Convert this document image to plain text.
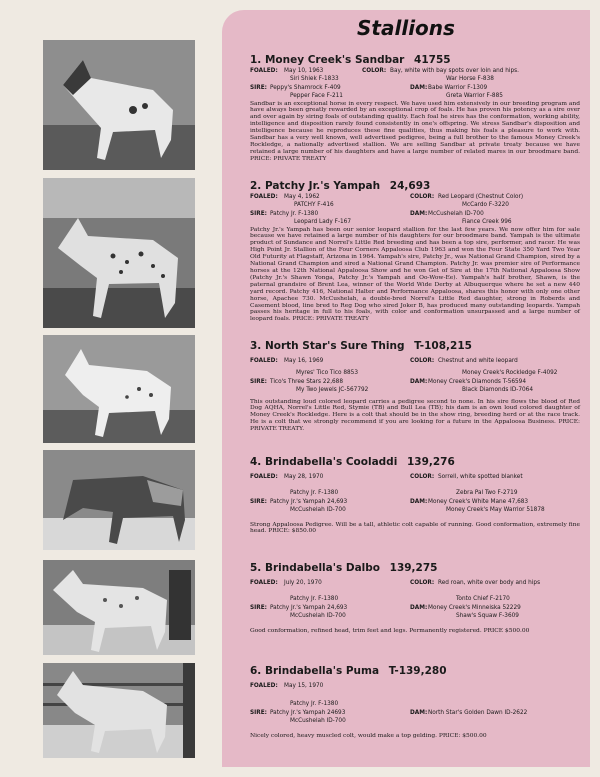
Stallions
1. Money Creek's Sandbar 41755
FOALED: May 10, 1963	COLOR: Bay, white with bay spots over loin and hips.
Siri Shiek F-1833	War Horse F-838
SIRE: Peppy's Shamrock F-409	DAM: Babe Warrior F-1309
Pepper Face F-211	Greta Warrior F-885
Sandbar is an exceptional horse in every respect. We have used him extensively in our breeding program and have always been greatly rewarded by an exceptional crop of foals. He has proven his potency as a sire over and over again by siring foals of outstanding quality. Each foal he sires has the conformation, working ability, intelligence and disposition rarely found consistently in one's offspring. We stress Sandbar's disposition and intelligence because he reproduces these fine qualities, thus making his foals a pleasure to work with. Sandbar has a very well known, well advertised pedigree, being a full brother to the famous Money Creek's Rockledge, a nationally advertised stallion. We are selling Sandbar at private treaty because we have retained a large number of his daughters and have a large number of related mares in our broodmare band. PRICE: PRIVATE TREATY
2. Patchy Jr.'s Yampah 24,693
FOALED: May 4, 1962	COLOR: Red Leopard (Chestnut Color)
PATCHY F-416	McCardo F-3220
SIRE: Patchy Jr. F-1380	DAM: McCushelah ID-700
Leopard Lady F-167	Fiance Creek 996
Patchy Jr.'s Yampah has been our senior leopard stallion for the last few years. We now offer him for sale because we have retained a large number of his daughters for our broodmare band. Yampah is the ultimate product of Sundance and Norrel's Little Red breeding and has been a top sire, performer, and racer. He was High Point Jr. Stallion of the Four Corners Appaloosa Club 1963 and won the Four State 350 Yard Two Year Old Futurity at Flagstaff, Arizona in 1964. Yampah's sire, Patchy Jr., was National Grand Champion, sired by a National Grand Champion and sired a National Grand Champion. Patchy Jr. was premier sire of Performance horses at the 12th National Appaloosa Show and he won Get of Sire at the 17th National Appaloosa Show (Patchy Jr.'s Shawn Yonga, Patchy Jr.'s Yampah and Oo-Wow-Ee). Yampah's half brother, Shawn, is the paternal grandsire of Brent Lea, winner of the World Wide Derby at Albuquerque where he set a new 440 yard record. Patchy 416, National Halter and Performance Appaloosa, shares this honor with only one other horse, Apachee 730. McCushelah, a double-bred Norrel's Little Red daughter, strong in Roberds and Casement blood, line bred to Reg Dog who sired Joker B, has produced many outstanding leopards. Yampah passes his heritage in full to his foals, with color and conformation unsurpassed and a large number of leopard foals. PRICE: PRIVATE TREATY
3. North Star's Sure Thing T-108,215
FOALED: May 16, 1969	COLOR: Chestnut and white leopard
Myres' Tico Tico 8853	Money Creek's Rockledge F-4092
SIRE: Tico's Three Stars 22,688	DAM: Money Creek's Diamonds T-56594
My Two Jewels JC-567792	Black Diamonds ID-7064
This outstanding loud colored leopard carries a pedigree second to none. In his sire flows the blood of Red Dog AQHA, Norrel's Little Red, Stymie (TB) and Bull Lea (TB); his dam is an own loud colored daughter of Money Creek's Rockledge. Here is a colt that should be in the show ring, breeding herd or at the race track. He is a colt that we strongly recommend if you are looking for a future in the Appaloosa Business. PRICE: PRIVATE TREATY.
4. Brindabella's Cooladdi 139,276
FOALED: May 28, 1970	COLOR: Sorrell, white spotted blanket
Patchy Jr. F-1380	Zebra Pal Two F-2719
SIRE: Patchy Jr.'s Yampah 24,693	DAM: Money Creek's White Mane 47,683
McCushelah ID-700	Money Creek's May Warrior 51878
Strong Appaloosa Pedigree. Will be a tall, athletic colt capable of running. Good conformation, extremely fine head. PRICE: $850.00
5. Brindabella's Dalbo 139,275
FOALED: July 20, 1970	COLOR: Red roan, white over body and hips
Patchy Jr. F-1380	Tonto Chief F-2170
SIRE: Patchy Jr.'s Yampah 24,693	DAM: Money Creek's Minneiska 52229
McCushelah ID-700	Shaw's Squaw F-3609
Good conformation, refined head, trim feet and legs. Permanently registered. PRICE $500.00
6. Brindabella's Puma T-139,280
FOALED: May 15, 1970
Patchy Jr. F-1380
SIRE: Patchy Jr.'s Yampah 24693	DAM: North Star's Golden Dawn ID-2622
McCushelah ID-700
Nicely colored, heavy muscled colt, would make a top gelding. PRICE: $500.00
